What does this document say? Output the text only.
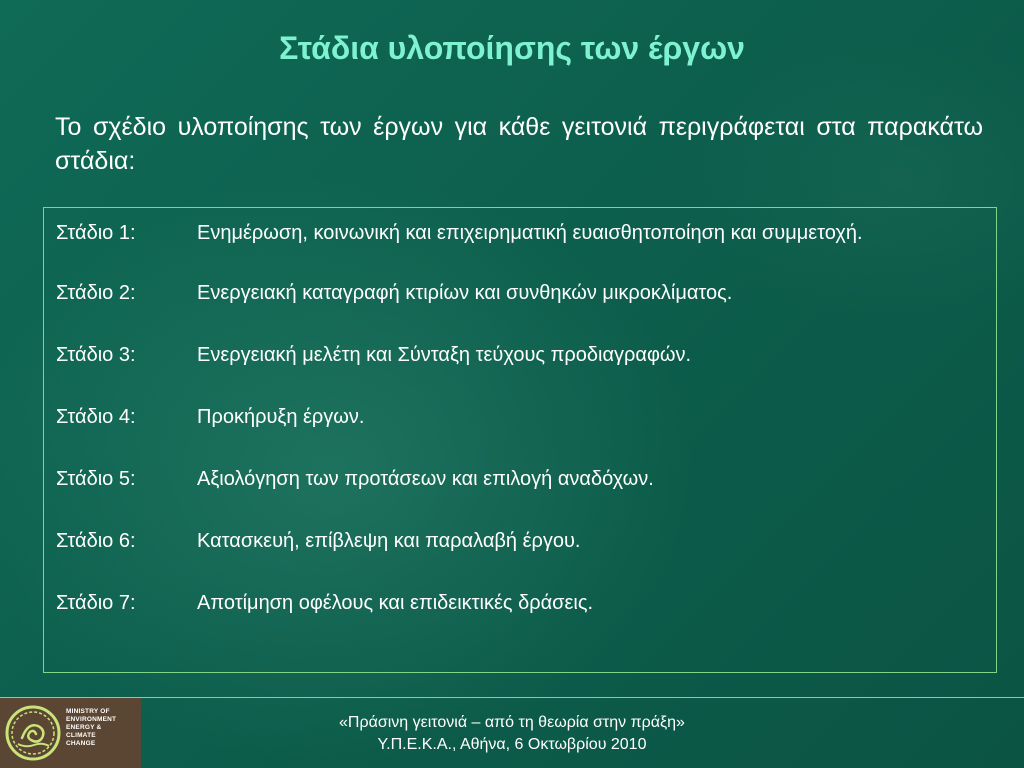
Στάδια υλοποίησης των έργων
Το σχέδιο υλοποίησης των έργων για κάθε γειτονιά περιγράφεται στα παρακάτω στάδια:
Στάδιο 1:	Ενημέρωση, κοινωνική και επιχειρηματική ευαισθητοποίηση και συμμετοχή.
Στάδιο 2:	Ενεργειακή καταγραφή κτιρίων και συνθηκών μικροκλίματος.
Στάδιο 3:	Ενεργειακή μελέτη και Σύνταξη τεύχους προδιαγραφών.
Στάδιο 4:	Προκήρυξη έργων.
Στάδιο 5:	Αξιολόγηση των προτάσεων και επιλογή αναδόχων.
Στάδιο 6:	Κατασκευή, επίβλεψη και παραλαβή έργου.
Στάδιο 7:	Αποτίμηση οφέλους και επιδεικτικές δράσεις.
MINISTRY OF
ENVIRONMENT
ENERGY &
CLIMATE
CHANGE
«Πράσινη γειτονιά – από τη θεωρία στην πράξη»
Υ.Π.Ε.Κ.Α., Αθήνα, 6 Οκτωβρίου 2010
